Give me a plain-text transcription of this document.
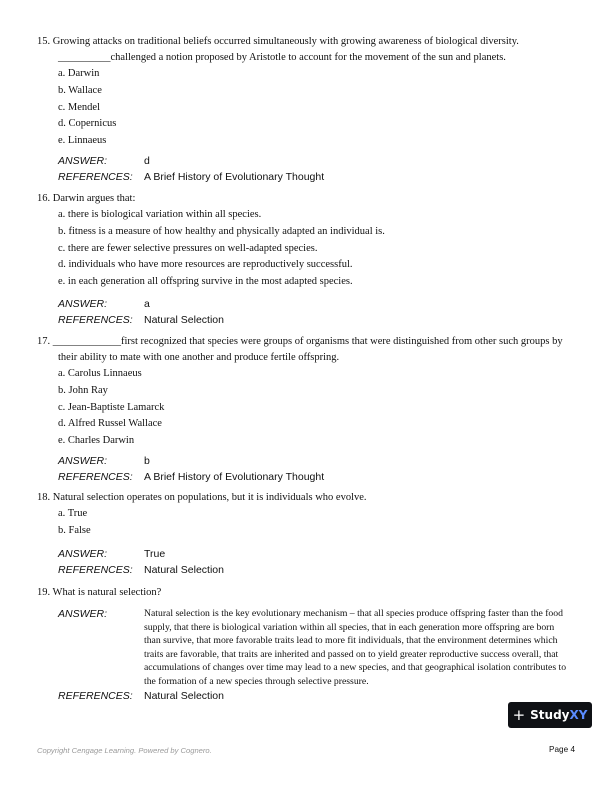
15. Growing attacks on traditional beliefs occurred simultaneously with growing awareness of biological diversity. __________challenged a notion proposed by Aristotle to account for the movement of the sun and planets.
a. Darwin
b. Wallace
c. Mendel
d. Copernicus
e. Linnaeus
ANSWER:	d
REFERENCES:	A Brief History of Evolutionary Thought
16. Darwin argues that:
a. there is biological variation within all species.
b. fitness is a measure of how healthy and physically adapted an individual is.
c. there are fewer selective pressures on well-adapted species.
d. individuals who have more resources are reproductively successful.
e. in each generation all offspring survive in the most adapted species.
ANSWER:	a
REFERENCES:	Natural Selection
17. _____________first recognized that species were groups of organisms that were distinguished from other such groups by their ability to mate with one another and produce fertile offspring.
a. Carolus Linnaeus
b. John Ray
c. Jean-Baptiste Lamarck
d. Alfred Russel Wallace
e. Charles Darwin
ANSWER:	b
REFERENCES:	A Brief History of Evolutionary Thought
18. Natural selection operates on populations, but it is individuals who evolve.
a. True
b. False
ANSWER:	True
REFERENCES:	Natural Selection
19. What is natural selection?
ANSWER:	Natural selection is the key evolutionary mechanism – that all species produce offspring faster than the food supply, that there is biological variation within all species, that in each generation more offspring are born than survive, that more favorable traits lead to more fit individuals, that the environment determines which traits are favorable, that traits are inherited and passed on to yield greater reproductive success overall, that accumulations of changes over time may lead to a new species, and that geographical isolation contributes to the formation of a new species through selective pressure.
REFERENCES:	Natural Selection
+ StudyXY
Copyright Cengage Learning. Powered by Cognero.	Page 4
